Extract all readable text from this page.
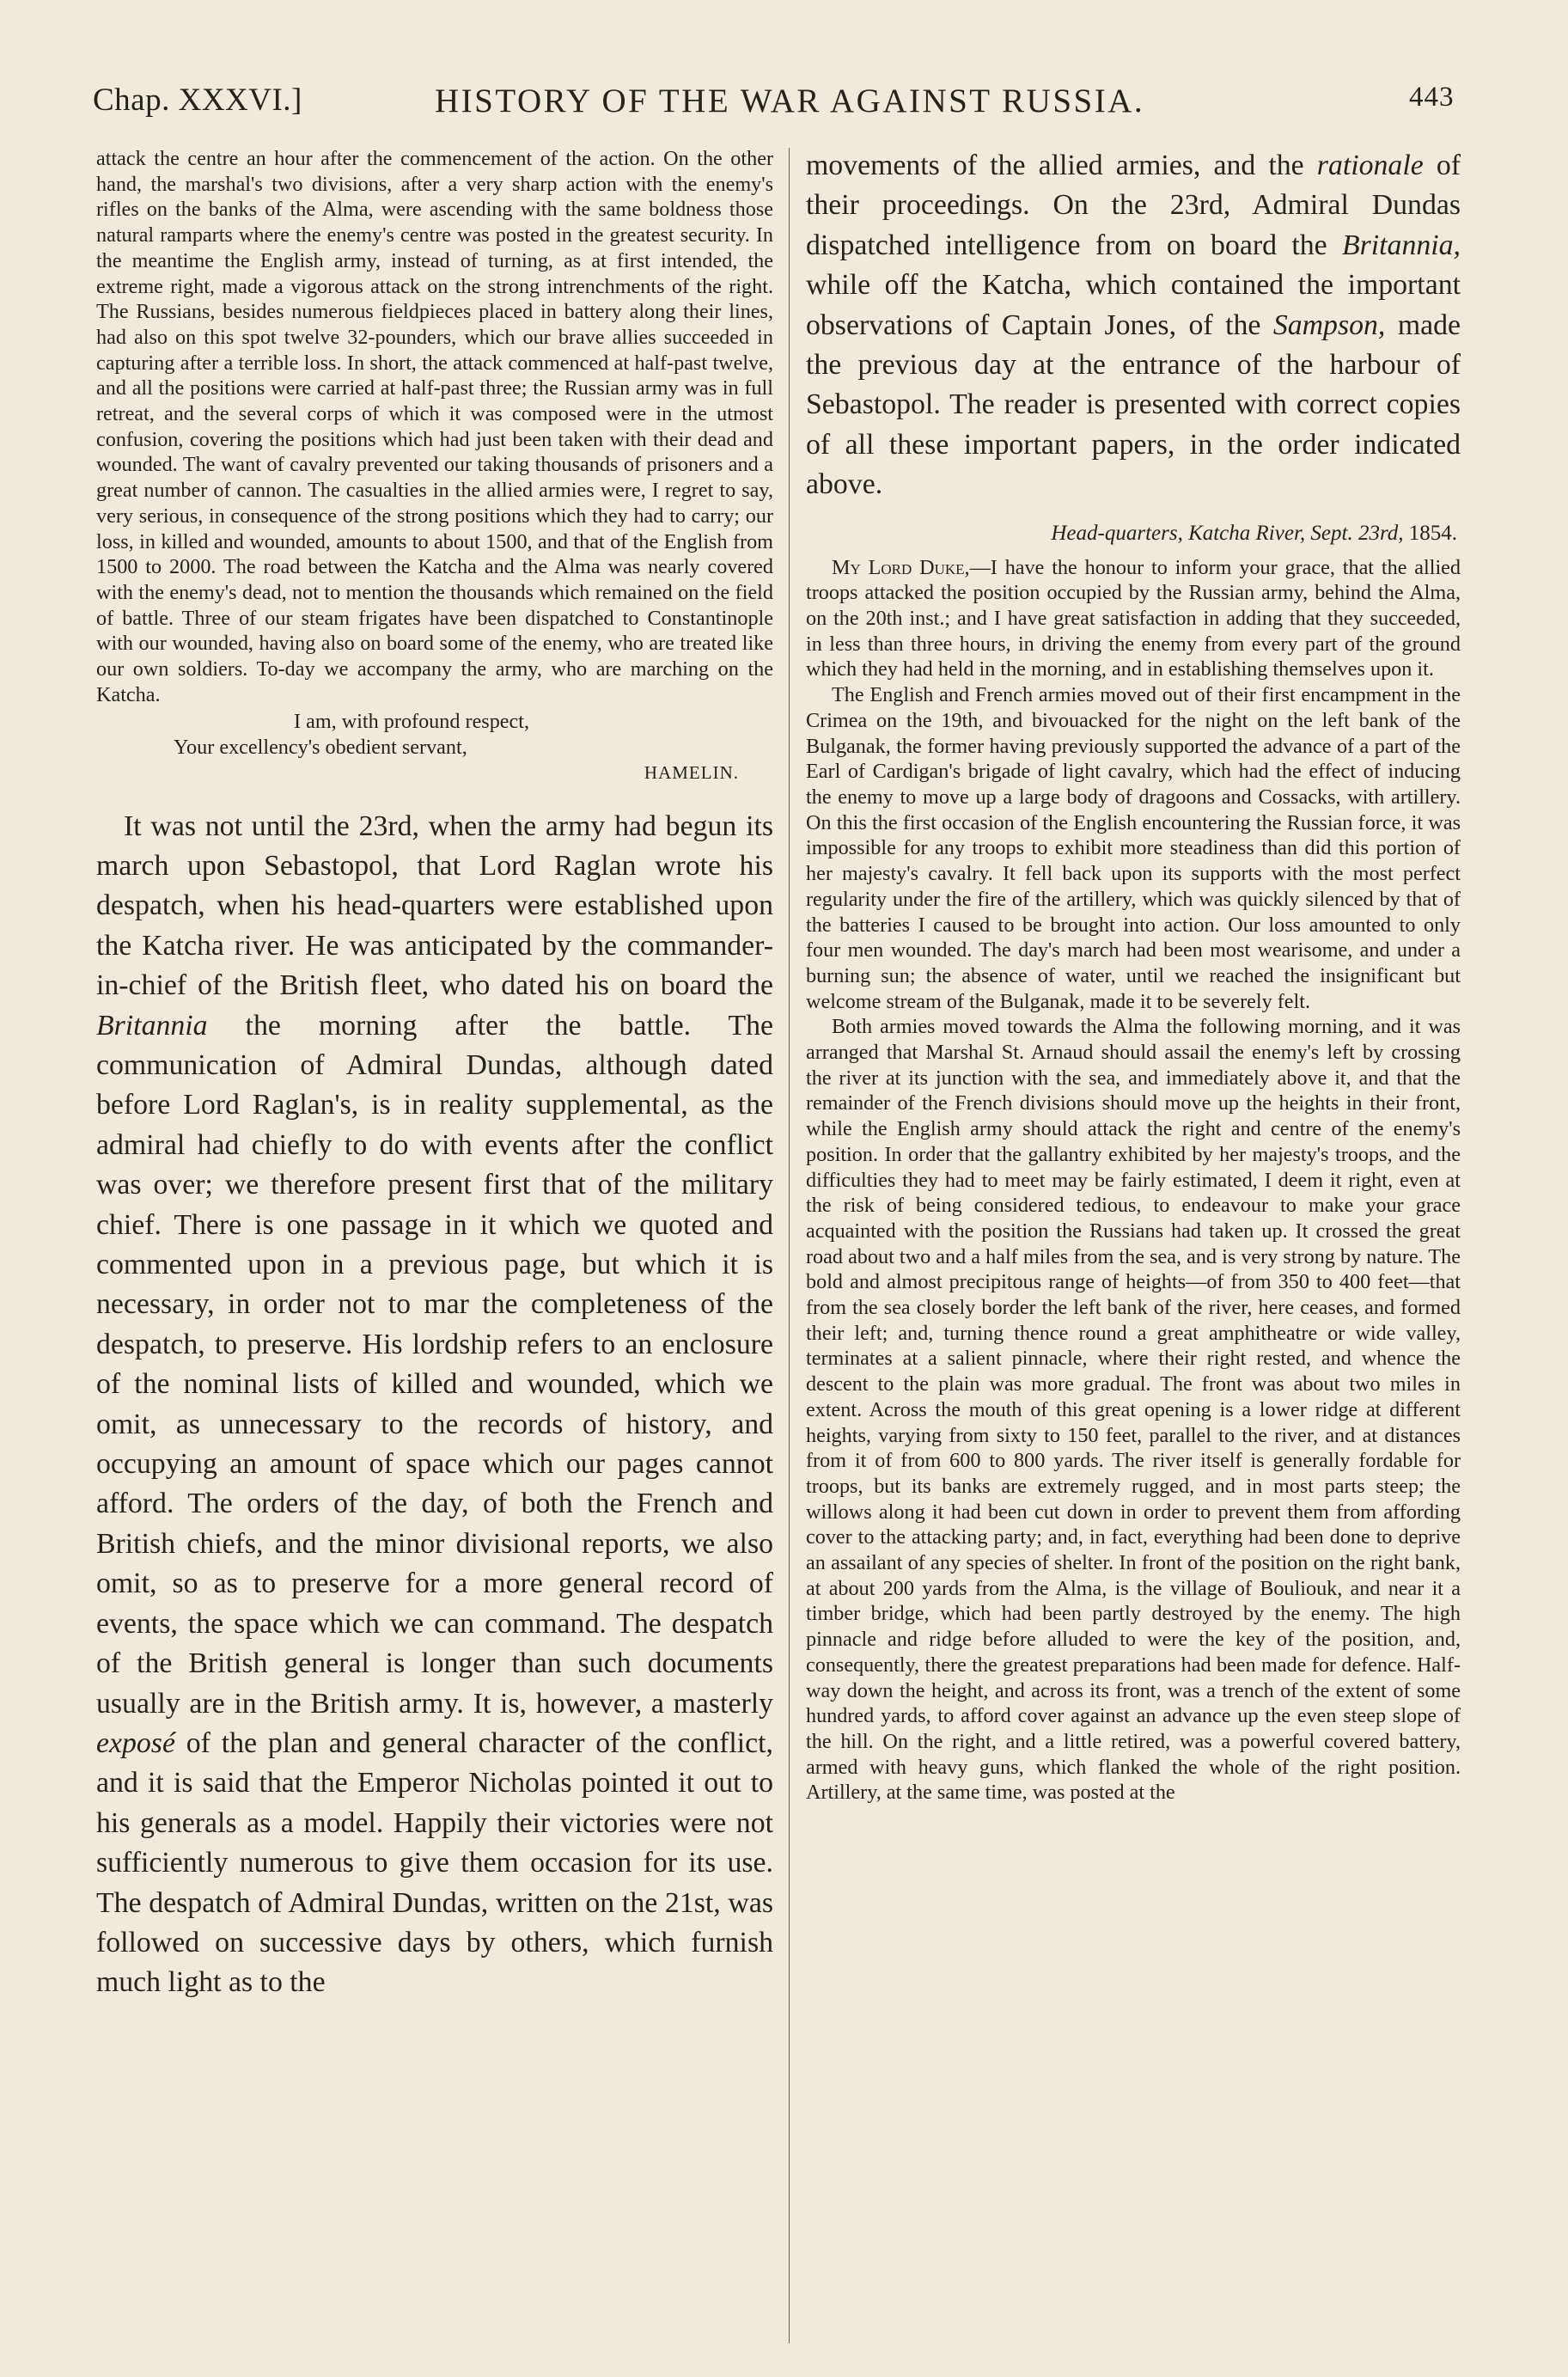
Chap. XXXVI.]	HISTORY OF THE WAR AGAINST RUSSIA.	443

attack the centre an hour after the commencement of the action. On the other hand, the marshal's two divisions, after a very sharp action with the enemy's rifles on the banks of the Alma, were ascending with the same boldness those natural ramparts where the enemy's centre was posted in the greatest security. In the meantime the English army, instead of turning, as at first intended, the extreme right, made a vigorous attack on the strong intrenchments of the right. The Russians, besides numerous fieldpieces placed in battery along their lines, had also on this spot twelve 32-pounders, which our brave allies succeeded in capturing after a terrible loss. In short, the attack commenced at half-past twelve, and all the positions were carried at half-past three; the Russian army was in full retreat, and the several corps of which it was composed were in the utmost confusion, covering the positions which had just been taken with their dead and wounded. The want of cavalry prevented our taking thousands of prisoners and a great number of cannon. The casualties in the allied armies were, I regret to say, very serious, in consequence of the strong positions which they had to carry; our loss, in killed and wounded, amounts to about 1500, and that of the English from 1500 to 2000. The road between the Katcha and the Alma was nearly covered with the enemy's dead, not to mention the thousands which remained on the field of battle. Three of our steam frigates have been dispatched to Constantinople with our wounded, having also on board some of the enemy, who are treated like our own soldiers. To-day we accompany the army, who are marching on the Katcha.

I am, with profound respect,
Your excellency's obedient servant,
HAMELIN.

It was not until the 23rd, when the army had begun its march upon Sebastopol, that Lord Raglan wrote his despatch, when his head-quarters were established upon the Katcha river. He was anticipated by the commander-in-chief of the British fleet, who dated his on board the Britannia the morning after the battle. The communication of Admiral Dundas, although dated before Lord Raglan's, is in reality supplemental, as the admiral had chiefly to do with events after the conflict was over; we therefore present first that of the military chief. There is one passage in it which we quoted and commented upon in a previous page, but which it is necessary, in order not to mar the completeness of the despatch, to preserve. His lordship refers to an enclosure of the nominal lists of killed and wounded, which we omit, as unnecessary to the records of history, and occupying an amount of space which our pages cannot afford. The orders of the day, of both the French and British chiefs, and the minor divisional reports, we also omit, so as to preserve for a more general record of events, the space which we can command. The despatch of the British general is longer than such documents usually are in the British army. It is, however, a masterly exposé of the plan and general character of the conflict, and it is said that the Emperor Nicholas pointed it out to his generals as a model. Happily their victories were not sufficiently numerous to give them occasion for its use. The despatch of Admiral Dundas, written on the 21st, was followed on successive days by others, which furnish much light as to the

movements of the allied armies, and the rationale of their proceedings. On the 23rd, Admiral Dundas dispatched intelligence from on board the Britannia, while off the Katcha, which contained the important observations of Captain Jones, of the Sampson, made the previous day at the entrance of the harbour of Sebastopol. The reader is presented with correct copies of all these important papers, in the order indicated above.

Head-quarters, Katcha River, Sept. 23rd, 1854.

My Lord Duke,—I have the honour to inform your grace, that the allied troops attacked the position occupied by the Russian army, behind the Alma, on the 20th inst.; and I have great satisfaction in adding that they succeeded, in less than three hours, in driving the enemy from every part of the ground which they had held in the morning, and in establishing themselves upon it.

The English and French armies moved out of their first encampment in the Crimea on the 19th, and bivouacked for the night on the left bank of the Bulganak, the former having previously supported the advance of a part of the Earl of Cardigan's brigade of light cavalry, which had the effect of inducing the enemy to move up a large body of dragoons and Cossacks, with artillery. On this the first occasion of the English encountering the Russian force, it was impossible for any troops to exhibit more steadiness than did this portion of her majesty's cavalry. It fell back upon its supports with the most perfect regularity under the fire of the artillery, which was quickly silenced by that of the batteries I caused to be brought into action. Our loss amounted to only four men wounded. The day's march had been most wearisome, and under a burning sun; the absence of water, until we reached the insignificant but welcome stream of the Bulganak, made it to be severely felt.

Both armies moved towards the Alma the following morning, and it was arranged that Marshal St. Arnaud should assail the enemy's left by crossing the river at its junction with the sea, and immediately above it, and that the remainder of the French divisions should move up the heights in their front, while the English army should attack the right and centre of the enemy's position. In order that the gallantry exhibited by her majesty's troops, and the difficulties they had to meet may be fairly estimated, I deem it right, even at the risk of being considered tedious, to endeavour to make your grace acquainted with the position the Russians had taken up. It crossed the great road about two and a half miles from the sea, and is very strong by nature. The bold and almost precipitous range of heights—of from 350 to 400 feet—that from the sea closely border the left bank of the river, here ceases, and formed their left; and, turning thence round a great amphitheatre or wide valley, terminates at a salient pinnacle, where their right rested, and whence the descent to the plain was more gradual. The front was about two miles in extent. Across the mouth of this great opening is a lower ridge at different heights, varying from sixty to 150 feet, parallel to the river, and at distances from it of from 600 to 800 yards. The river itself is generally fordable for troops, but its banks are extremely rugged, and in most parts steep; the willows along it had been cut down in order to prevent them from affording cover to the attacking party; and, in fact, everything had been done to deprive an assailant of any species of shelter. In front of the position on the right bank, at about 200 yards from the Alma, is the village of Bouliouk, and near it a timber bridge, which had been partly destroyed by the enemy. The high pinnacle and ridge before alluded to were the key of the position, and, consequently, there the greatest preparations had been made for defence. Half-way down the height, and across its front, was a trench of the extent of some hundred yards, to afford cover against an advance up the even steep slope of the hill. On the right, and a little retired, was a powerful covered battery, armed with heavy guns, which flanked the whole of the right position. Artillery, at the same time, was posted at the
